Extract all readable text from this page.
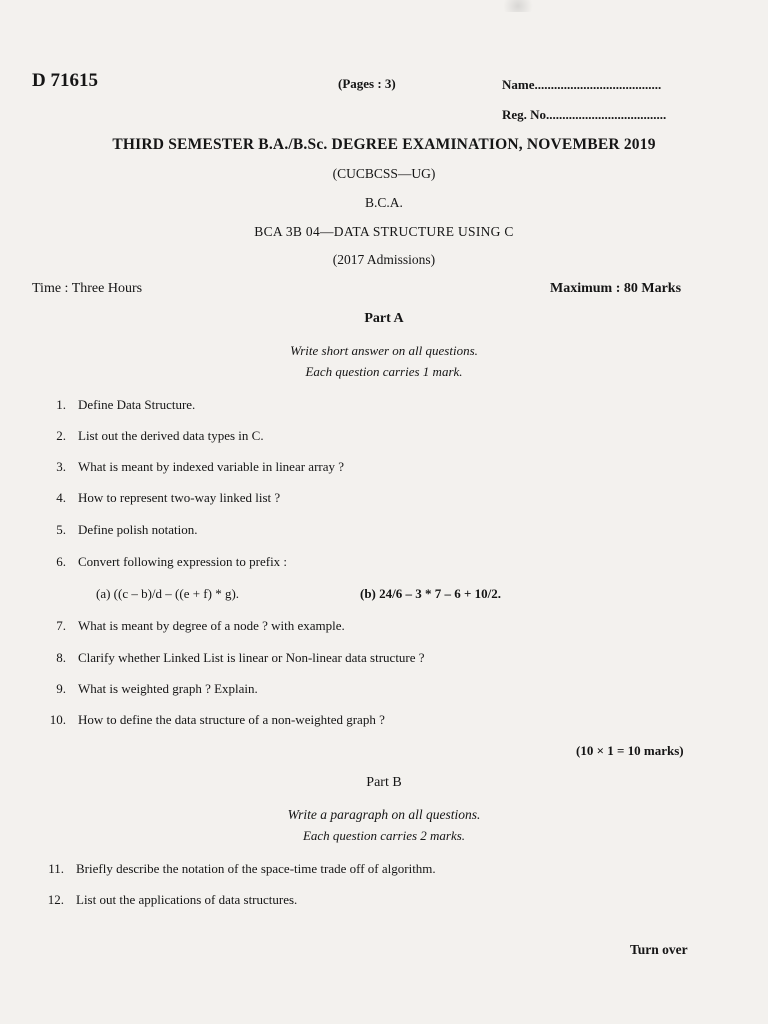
D 71615	(Pages : 3)	Name.......................................
Reg. No.....................................
THIRD SEMESTER B.A./B.Sc. DEGREE EXAMINATION, NOVEMBER 2019
(CUCBCSS—UG)
B.C.A.
BCA 3B 04—DATA STRUCTURE USING C
(2017 Admissions)
Time : Three Hours	Maximum : 80 Marks
Part A
Write short answer on all questions.
Each question carries 1 mark.
1. Define Data Structure.
2. List out the derived data types in C.
3. What is meant by indexed variable in linear array ?
4. How to represent two-way linked list ?
5. Define polish notation.
6. Convert following expression to prefix :
(a) ((c – b)/d – ((e + f) * g).	(b) 24/6 – 3 * 7 – 6 + 10/2.
7. What is meant by degree of a node ? with example.
8. Clarify whether Linked List is linear or Non-linear data structure ?
9. What is weighted graph ? Explain.
10. How to define the data structure of a non-weighted graph ?
(10 × 1 = 10 marks)
Part B
Write a paragraph on all questions.
Each question carries 2 marks.
11. Briefly describe the notation of the space-time trade off of algorithm.
12. List out the applications of data structures.
Turn over
